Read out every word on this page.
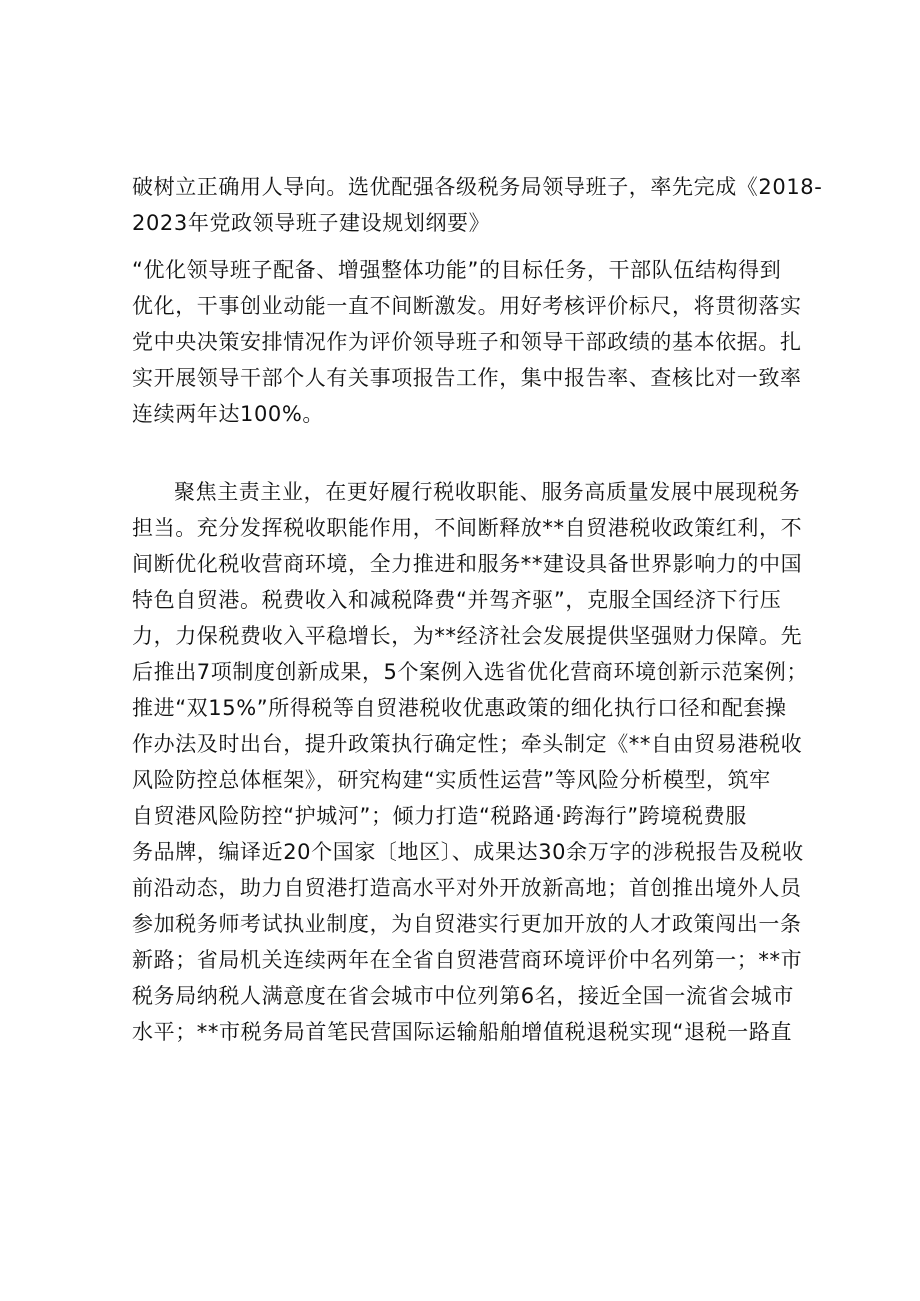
破树立正确用人导向。选优配强各级税务局领导班子，率先完成《2018-
2023年党政领导班子建设规划纲要》
“优化领导班子配备、增强整体功能”的目标任务，干部队伍结构得到
优化，干事创业动能一直不间断激发。用好考核评价标尺，将贯彻落实
党中央决策安排情况作为评价领导班子和领导干部政绩的基本依据。扎
实开展领导干部个人有关事项报告工作，集中报告率、查核比对一致率
连续两年达100%。
聚焦主责主业，在更好履行税收职能、服务高质量发展中展现税务
担当。充分发挥税收职能作用，不间断释放**自贸港税收政策红利，不
间断优化税收营商环境，全力推进和服务**建设具备世界影响力的中国
特色自贸港。税费收入和减税降费“并驾齐驱”，克服全国经济下行压
力，力保税费收入平稳增长，为**经济社会发展提供坚强财力保障。先
后推出7项制度创新成果，5个案例入选省优化营商环境创新示范案例；
推进“双15%”所得税等自贸港税收优惠政策的细化执行口径和配套操
作办法及时出台，提升政策执行确定性；牵头制定《**自由贸易港税收
风险防控总体框架》，研究构建“实质性运营”等风险分析模型，筑牢
自贸港风险防控“护城河”；倾力打造“税路通·跨海行”跨境税费服
务品牌，编译近20个国家〔地区〕、成果达30余万字的涉税报告及税收
前沿动态，助力自贸港打造高水平对外开放新高地；首创推出境外人员
参加税务师考试执业制度，为自贸港实行更加开放的人才政策闯出一条
新路；省局机关连续两年在全省自贸港营商环境评价中名列第一；**市
税务局纳税人满意度在省会城市中位列第6名，接近全国一流省会城市
水平；**市税务局首笔民营国际运输船舶增值税退税实现“退税一路直
